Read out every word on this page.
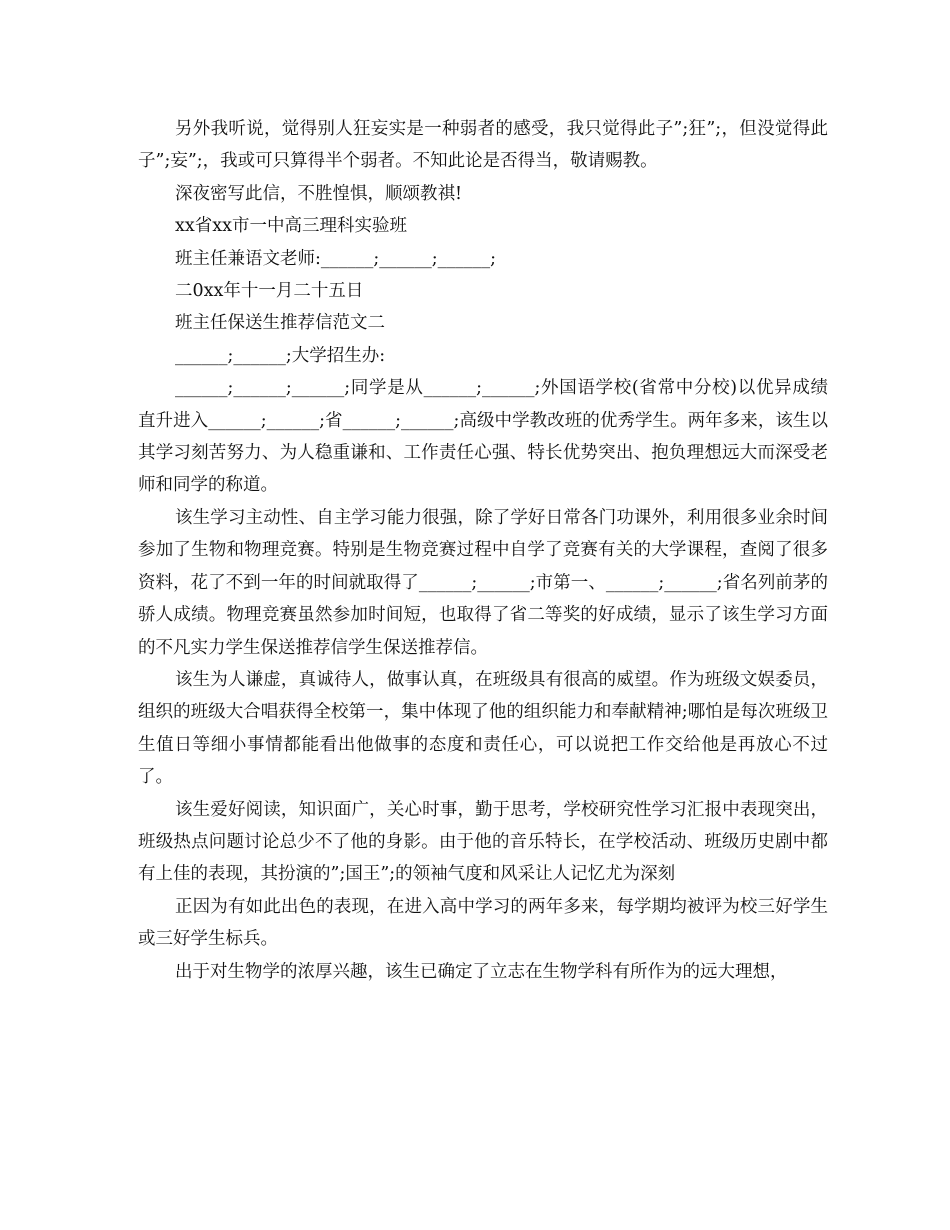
另外我听说，觉得别人狂妄实是一种弱者的感受，我只觉得此子”;狂”;，但没觉得此子”;妄”;，我或可只算得半个弱者。不知此论是否得当，敬请赐教。

深夜密写此信，不胜惶惧，顺颂教祺!

xx省xx市一中高三理科实验班

班主任兼语文老师:______;______;______;

二0xx年十一月二十五日

班主任保送生推荐信范文二

______;______;大学招生办:

______;______;______;同学是从______;______;外国语学校(省常中分校)以优异成绩直升进入______;______;省______;______;高级中学教改班的优秀学生。两年多来，该生以其学习刻苦努力、为人稳重谦和、工作责任心强、特长优势突出、抱负理想远大而深受老师和同学的称道。

该生学习主动性、自主学习能力很强，除了学好日常各门功课外，利用很多业余时间参加了生物和物理竞赛。特别是生物竞赛过程中自学了竞赛有关的大学课程，查阅了很多资料，花了不到一年的时间就取得了______;______;市第一、______;______;省名列前茅的骄人成绩。物理竞赛虽然参加时间短，也取得了省二等奖的好成绩，显示了该生学习方面的不凡实力学生保送推荐信学生保送推荐信。

该生为人谦虚，真诚待人，做事认真，在班级具有很高的威望。作为班级文娱委员，组织的班级大合唱获得全校第一，集中体现了他的组织能力和奉献精神;哪怕是每次班级卫生值日等细小事情都能看出他做事的态度和责任心，可以说把工作交给他是再放心不过了。

该生爱好阅读，知识面广，关心时事，勤于思考，学校研究性学习汇报中表现突出，班级热点问题讨论总少不了他的身影。由于他的音乐特长，在学校活动、班级历史剧中都有上佳的表现，其扮演的”;国王”;的领袖气度和风采让人记忆尤为深刻

正因为有如此出色的表现，在进入高中学习的两年多来，每学期均被评为校三好学生或三好学生标兵。

出于对生物学的浓厚兴趣，该生已确定了立志在生物学科有所作为的远大理想，
